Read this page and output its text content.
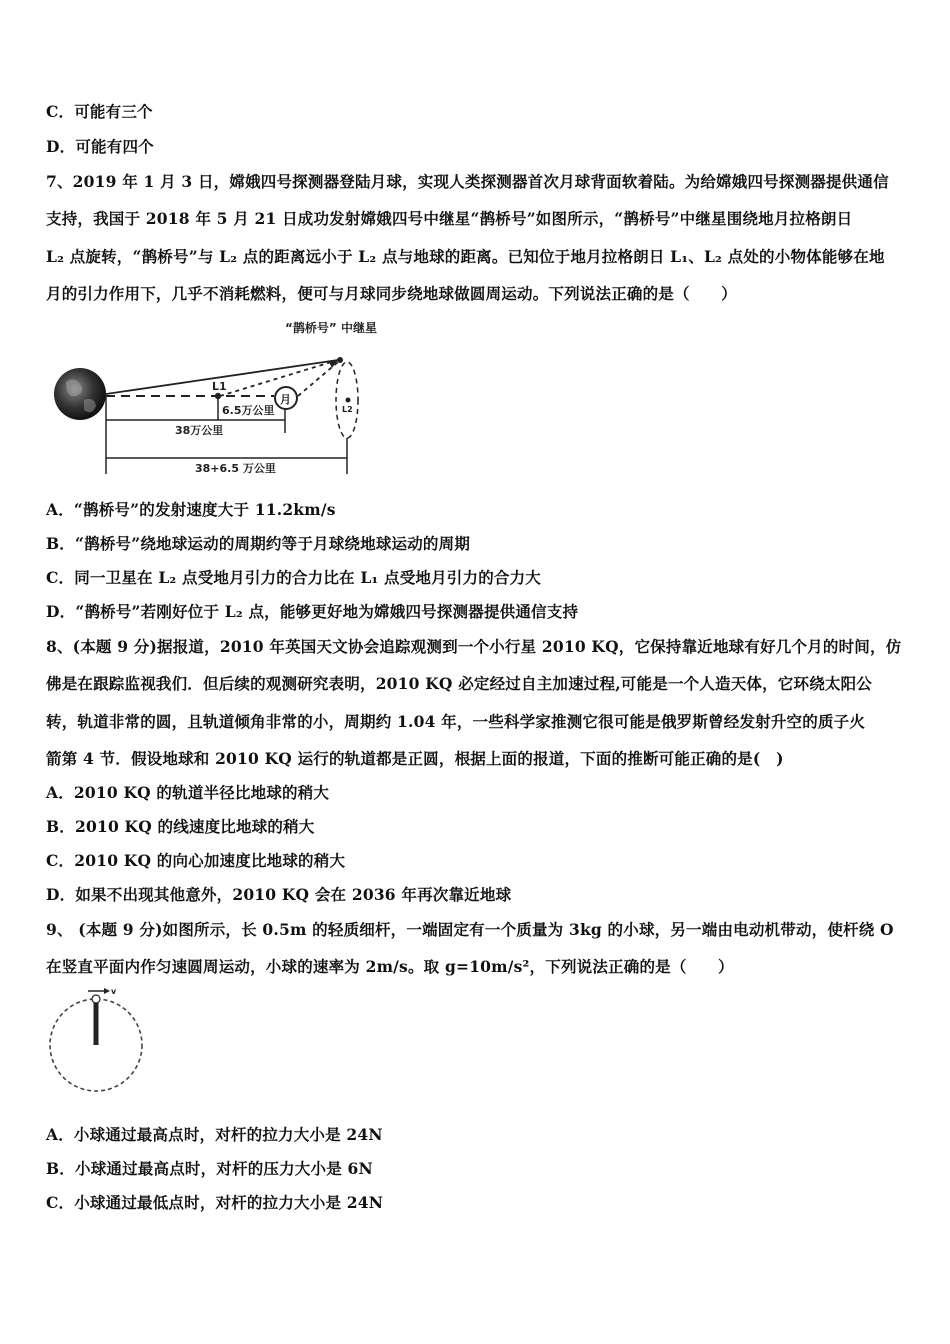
C．可能有三个
D．可能有四个
7、2019 年 1 月 3 日，嫦娥四号探测器登陆月球，实现人类探测器首次月球背面软着陆。为给嫦娥四号探测器提供通信
支持，我国于 2018 年 5 月 21 日成功发射嫦娥四号中继星“鹊桥号”如图所示，“鹊桥号”中继星围绕地月拉格朗日
L₂ 点旋转，“鹊桥号”与 L₂ 点的距离远小于 L₂ 点与地球的距离。已知位于地月拉格朗日 L₁、L₂ 点处的小物体能够在地
月的引力作用下，几乎不消耗燃料，便可与月球同步绕地球做圆周运动。下列说法正确的是（　　）
月
L2
“鹊桥号” 中继星
L1
6.5万公里
38万公里
38+6.5 万公里
A．“鹊桥号”的发射速度大于 11.2km/s
B．“鹊桥号”绕地球运动的周期约等于月球绕地球运动的周期
C．同一卫星在 L₂ 点受地月引力的合力比在 L₁ 点受地月引力的合力大
D．“鹊桥号”若刚好位于 L₂ 点，能够更好地为嫦娥四号探测器提供通信支持
8、(本题 9 分)据报道，2010 年英国天文协会追踪观测到一个小行星 2010 KQ，它保持靠近地球有好几个月的时间，仿
佛是在跟踪监视我们．但后续的观测研究表明，2010 KQ 必定经过自主加速过程,可能是一个人造天体，它环绕太阳公
转，轨道非常的圆，且轨道倾角非常的小，周期约 1.04 年，一些科学家推测它很可能是俄罗斯曾经发射升空的质子火
箭第 4 节．假设地球和 2010 KQ 运行的轨道都是正圆，根据上面的报道，下面的推断可能正确的是(　)
A．2010 KQ 的轨道半径比地球的稍大
B．2010 KQ 的线速度比地球的稍大
C．2010 KQ 的向心加速度比地球的稍大
D．如果不出现其他意外，2010 KQ 会在 2036 年再次靠近地球
9、 (本题 9 分)如图所示，长 0.5m 的轻质细杆，一端固定有一个质量为 3kg 的小球，另一端由电动机带动，使杆绕 O
在竖直平面内作匀速圆周运动，小球的速率为 2m/s。取 g=10m/s²，下列说法正确的是（　　）
v
A．小球通过最高点时，对杆的拉力大小是 24N
B．小球通过最高点时，对杆的压力大小是 6N
C．小球通过最低点时，对杆的拉力大小是 24N
